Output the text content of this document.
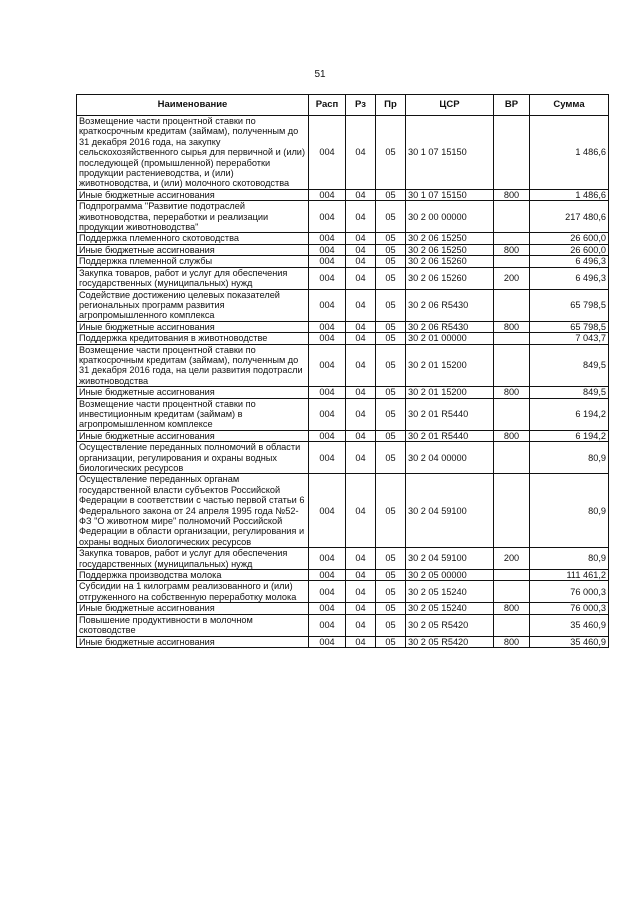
51
Наименование	Расп	Рз	Пр	ЦСР	ВР	Сумма
Возмещение части процентной ставки по краткосрочным кредитам (займам), полученным до 31 декабря 2016 года, на закупку сельскохозяйственного сырья для первичной и (или) последующей (промышленной) переработки продукции растениеводства, и (или) животноводства, и (или) молочного скотоводства	004	04	05	30 1 07 15150		1 486,6
Иные бюджетные ассигнования	004	04	05	30 1 07 15150	800	1 486,6
Подпрограмма "Развитие подотраслей животноводства, переработки и реализации продукции животноводства"	004	04	05	30 2 00 00000		217 480,6
Поддержка племенного скотоводства	004	04	05	30 2 06 15250		26 600,0
Иные бюджетные ассигнования	004	04	05	30 2 06 15250	800	26 600,0
Поддержка племенной службы	004	04	05	30 2 06 15260		6 496,3
Закупка товаров, работ и услуг для обеспечения государственных (муниципальных) нужд	004	04	05	30 2 06 15260	200	6 496,3
Содействие достижению целевых показателей региональных программ развития агропромышленного комплекса	004	04	05	30 2 06 R5430		65 798,5
Иные бюджетные ассигнования	004	04	05	30 2 06 R5430	800	65 798,5
Поддержка кредитования в животноводстве	004	04	05	30 2 01 00000		7 043,7
Возмещение части процентной ставки по краткосрочным кредитам (займам), полученным до 31 декабря 2016 года, на цели развития подотрасли животноводства	004	04	05	30 2 01 15200		849,5
Иные бюджетные ассигнования	004	04	05	30 2 01 15200	800	849,5
Возмещение части процентной ставки по инвестиционным кредитам (займам) в агропромышленном комплексе	004	04	05	30 2 01 R5440		6 194,2
Иные бюджетные ассигнования	004	04	05	30 2 01 R5440	800	6 194,2
Осуществление переданных полномочий в области организации, регулирования и охраны водных биологических ресурсов	004	04	05	30 2 04 00000		80,9
Осуществление переданных органам государственной власти субъектов Российской Федерации в соответствии с частью первой статьи 6 Федерального закона от 24 апреля 1995 года №52-ФЗ "О животном мире" полномочий Российской Федерации в области организации, регулирования и охраны водных биологических ресурсов	004	04	05	30 2 04 59100		80,9
Закупка товаров, работ и услуг для обеспечения государственных (муниципальных) нужд	004	04	05	30 2 04 59100	200	80,9
Поддержка производства молока	004	04	05	30 2 05 00000		111 461,2
Субсидии на 1 килограмм реализованного и (или) отгруженного на собственную переработку молока	004	04	05	30 2 05 15240		76 000,3
Иные бюджетные ассигнования	004	04	05	30 2 05 15240	800	76 000,3
Повышение продуктивности в молочном скотоводстве	004	04	05	30 2 05 R5420		35 460,9
Иные бюджетные ассигнования	004	04	05	30 2 05 R5420	800	35 460,9
